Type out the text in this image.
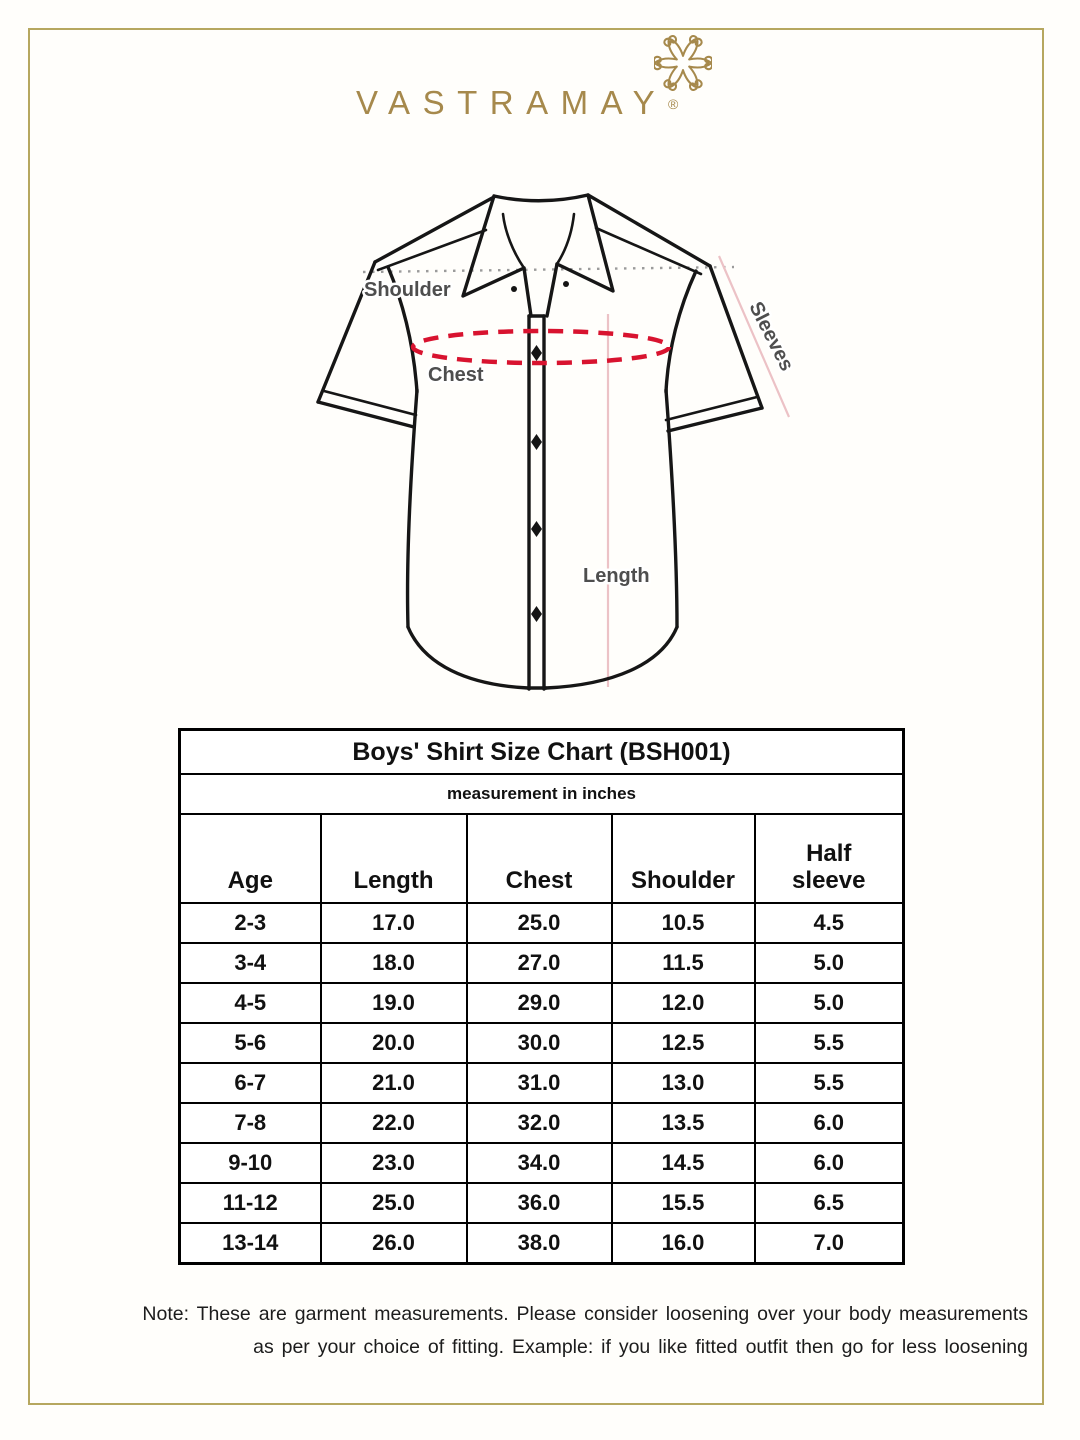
VASTRAMAY ®
Shoulder
Chest
Length
Sleeves
Boys' Shirt Size Chart (BSH001)				
measurement in inches				
Age	Length	Chest	Shoulder	Half sleeve

2-3	17.0	25.0	10.5	4.5
3-4	18.0	27.0	11.5	5.0
4-5	19.0	29.0	12.0	5.0
5-6	20.0	30.0	12.5	5.5
6-7	21.0	31.0	13.0	5.5
7-8	22.0	32.0	13.5	6.0
9-10	23.0	34.0	14.5	6.0
11-12	25.0	36.0	15.5	6.5
13-14	26.0	38.0	16.0	7.0
Note: These are garment measurements. Please consider loosening over your body measurements
as per your choice of fitting. Example: if you like fitted outfit then go for less loosening
